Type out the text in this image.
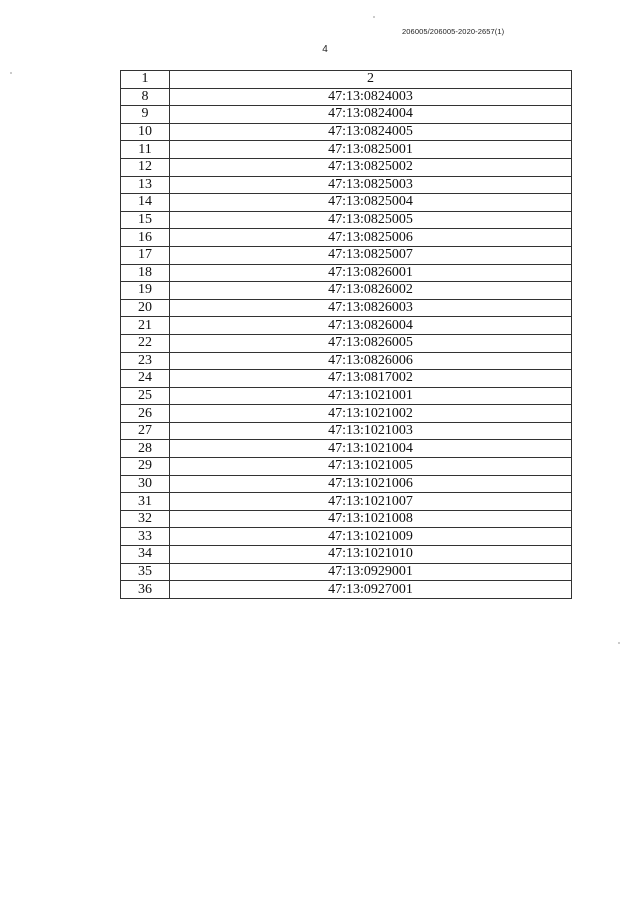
206005/206005-2020-2657(1)
4
1	2
8	47:13:0824003
9	47:13:0824004
10	47:13:0824005
11	47:13:0825001
12	47:13:0825002
13	47:13:0825003
14	47:13:0825004
15	47:13:0825005
16	47:13:0825006
17	47:13:0825007
18	47:13:0826001
19	47:13:0826002
20	47:13:0826003
21	47:13:0826004
22	47:13:0826005
23	47:13:0826006
24	47:13:0817002
25	47:13:1021001
26	47:13:1021002
27	47:13:1021003
28	47:13:1021004
29	47:13:1021005
30	47:13:1021006
31	47:13:1021007
32	47:13:1021008
33	47:13:1021009
34	47:13:1021010
35	47:13:0929001
36	47:13:0927001
